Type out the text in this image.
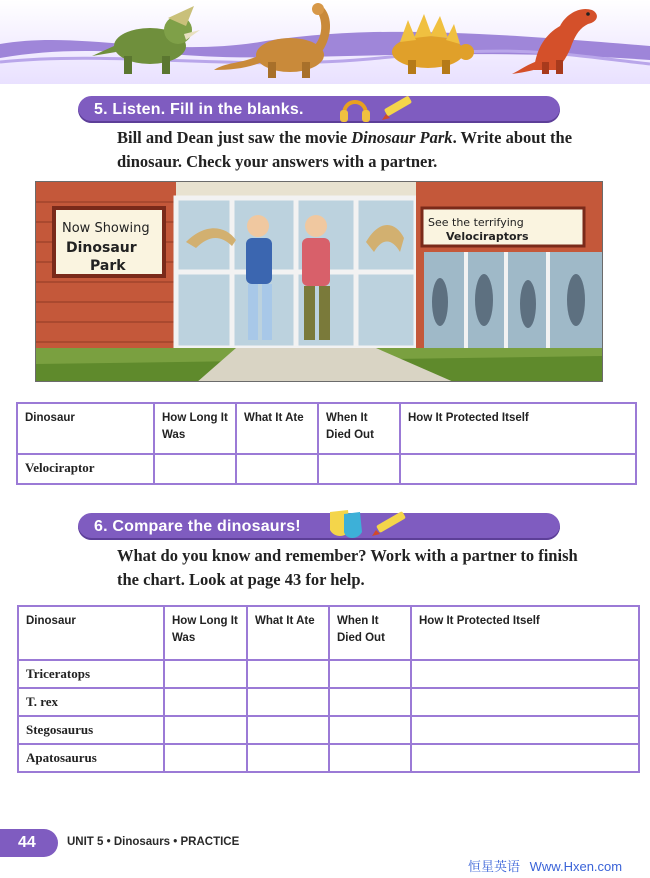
5. Listen. Fill in the blanks.
Bill and Dean just saw the movie Dinosaur Park. Write about the dinosaur. Check your answers with a partner.
Now Showing
Dinosaur
Park
See the terrifying
Velociraptors
Dinosaur	How Long It Was	What It Ate	When It Died Out	How It Protected Itself
Velociraptor				
6. Compare the dinosaurs!
What do you know and remember? Work with a partner to finish the chart. Look at page 43 for help.
Dinosaur	How Long It Was	What It Ate	When It Died Out	How It Protected Itself
Triceratops				
T. rex				
Stegosaurus				
Apatosaurus				
44	UNIT 5 • Dinosaurs • PRACTICE
恒星英语 Www.Hxen.com
